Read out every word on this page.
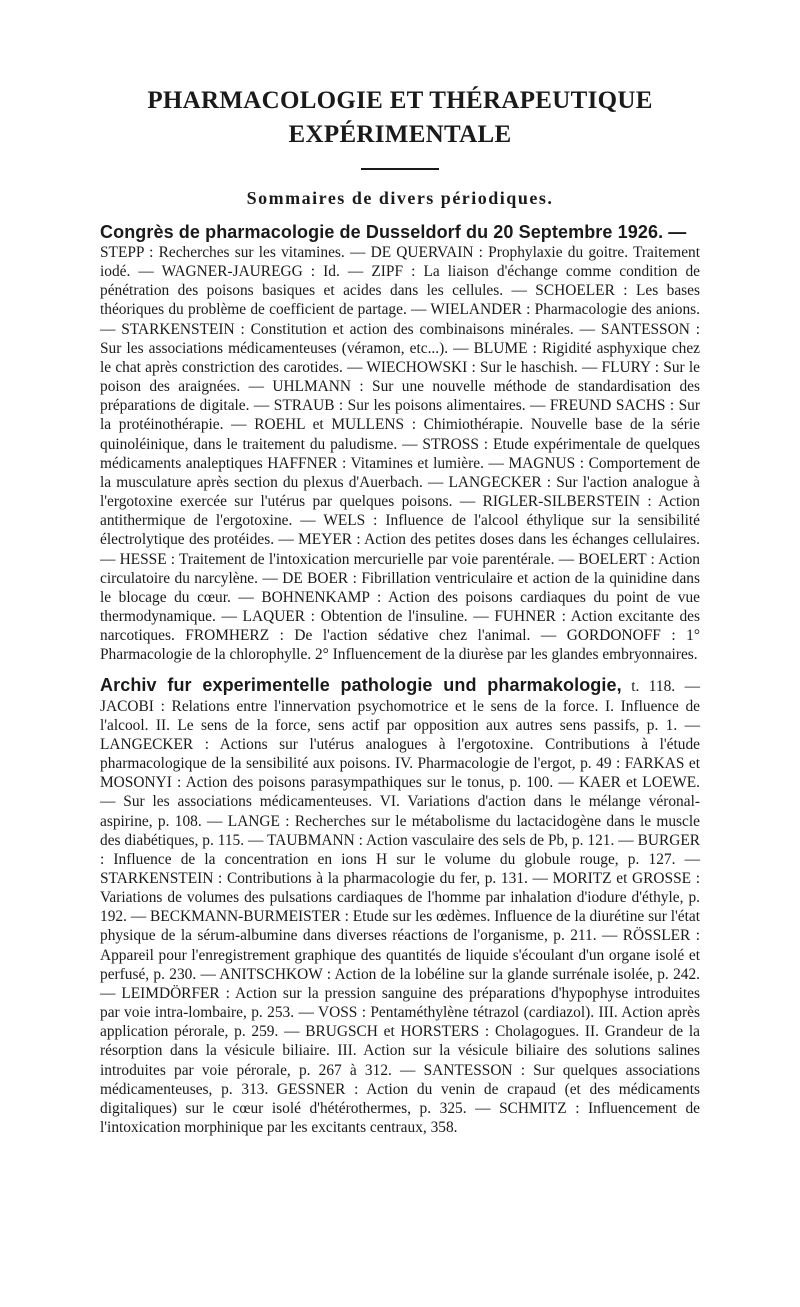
PHARMACOLOGIE ET THÉRAPEUTIQUE
EXPÉRIMENTALE
Sommaires de divers périodiques.
Congrès de pharmacologie de Dusseldorf du 20 Septembre 1926. —

STEPP : Recherches sur les vitamines. — DE QUERVAIN : Prophylaxie du goitre. Traitement iodé. — WAGNER-JAUREGG : Id. — ZIPF : La liaison d'échange comme condition de pénétration des poisons basiques et acides dans les cellules. — SCHOELER : Les bases théoriques du problème de coefficient de partage. — WIELANDER : Pharmacologie des anions. — STARKENSTEIN : Constitution et action des combinaisons minérales. — SANTESSON : Sur les associations médicamenteuses (véramon, etc...). — BLUME : Rigidité asphyxique chez le chat après constriction des carotides. — WIECHOWSKI : Sur le haschish. — FLURY : Sur le poison des araignées. — UHLMANN : Sur une nouvelle méthode de standardisation des préparations de digitale. — STRAUB : Sur les poisons alimentaires. — FREUND SACHS : Sur la protéinothérapie. — ROEHL et MULLENS : Chimiothérapie. Nouvelle base de la série quinoléinique, dans le traitement du paludisme. — STROSS : Etude expérimentale de quelques médicaments analeptiques HAFFNER : Vitamines et lumière. — MAGNUS : Comportement de la musculature après section du plexus d'Auerbach. — LANGECKER : Sur l'action analogue à l'ergotoxine exercée sur l'utérus par quelques poisons. — RIGLER-SILBERSTEIN : Action antithermique de l'ergotoxine. — WELS : Influence de l'alcool éthylique sur la sensibilité électrolytique des protéides. — MEYER : Action des petites doses dans les échanges cellulaires. — HESSE : Traitement de l'intoxication mercurielle par voie parentérale. — BOELERT : Action circulatoire du narcylène. — DE BOER : Fibrillation ventriculaire et action de la quinidine dans le blocage du cœur. — BOHNENKAMP : Action des poisons cardiaques du point de vue thermodynamique. — LAQUER : Obtention de l'insuline. — FUHNER : Action excitante des narcotiques. FROMHERZ : De l'action sédative chez l'animal. — GORDONOFF : 1° Pharmacologie de la chlorophylle. 2° Influencement de la diurèse par les glandes embryonnaires.

Archiv fur experimentelle pathologie und pharmakologie, t. 118. — JACOBI : Relations entre l'innervation psychomotrice et le sens de la force. I. Influence de l'alcool. II. Le sens de la force, sens actif par opposition aux autres sens passifs, p. 1. — LANGECKER : Actions sur l'utérus analogues à l'ergotoxine. Contributions à l'étude pharmacologique de la sensibilité aux poisons. IV. Pharmacologie de l'ergot, p. 49 : FARKAS et MOSONYI : Action des poisons parasympathiques sur le tonus, p. 100. — KAER et LOEWE. — Sur les associations médicamenteuses. VI. Variations d'action dans le mélange véronal-aspirine, p. 108. — LANGE : Recherches sur le métabolisme du lactacidogène dans le muscle des diabétiques, p. 115. — TAUBMANN : Action vasculaire des sels de Pb, p. 121. — BURGER : Influence de la concentration en ions H sur le volume du globule rouge, p. 127. — STARKENSTEIN : Contributions à la pharmacologie du fer, p. 131. — MORITZ et GROSSE : Variations de volumes des pulsations cardiaques de l'homme par inhalation d'iodure d'éthyle, p. 192. — BECKMANN-BURMEISTER : Etude sur les œdèmes. Influence de la diurétine sur l'état physique de la sérum-albumine dans diverses réactions de l'organisme, p. 211. — RÖSSLER : Appareil pour l'enregistrement graphique des quantités de liquide s'écoulant d'un organe isolé et perfusé, p. 230. — ANITSCHKOW : Action de la lobéline sur la glande surrénale isolée, p. 242. — LEIMDÖRFER : Action sur la pression sanguine des préparations d'hypophyse introduites par voie intra-lombaire, p. 253. — VOSS : Pentaméthylène tétrazol (cardiazol). III. Action après application pérorale, p. 259. — BRUGSCH et HORSTERS : Cholagogues. II. Grandeur de la résorption dans la vésicule biliaire. III. Action sur la vésicule biliaire des solutions salines introduites par voie pérorale, p. 267 à 312. — SANTESSON : Sur quelques associations médicamenteuses, p. 313. GESSNER : Action du venin de crapaud (et des médicaments digitaliques) sur le cœur isolé d'hétérothermes, p. 325. — SCHMITZ : Influencement de l'intoxication morphinique par les excitants centraux, 358.
